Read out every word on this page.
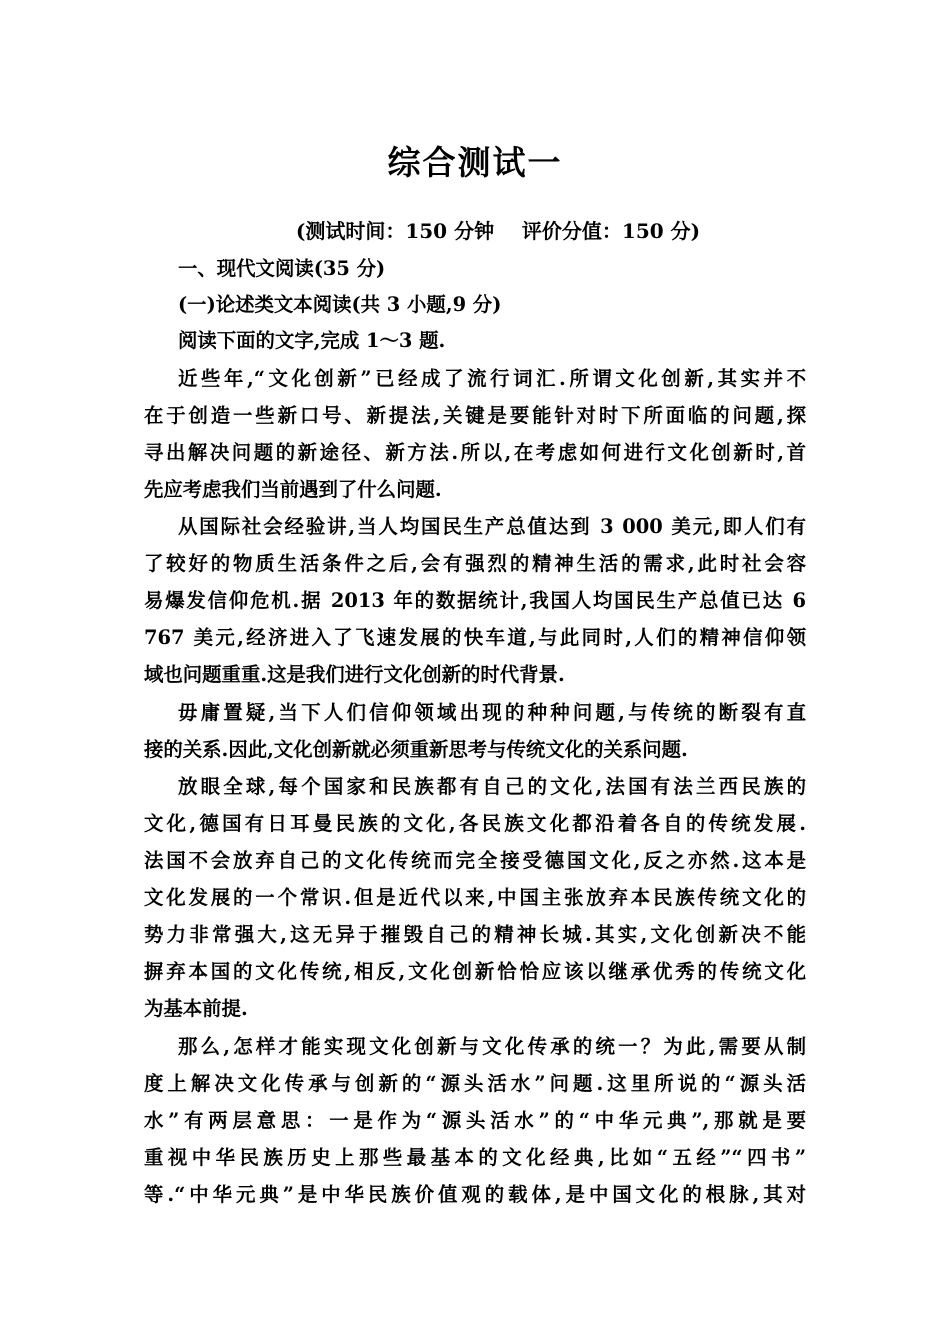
综合测试一
(测试时间：150 分钟    评价分值：150 分)
一、现代文阅读(35 分)
(一)论述类文本阅读(共 3 小题,9 分)
阅读下面的文字,完成 1～3 题.
近些年,“文化创新”已经成了流行词汇.所谓文化创新,其实并不
在于创造一些新口号、新提法,关键是要能针对时下所面临的问题,探
寻出解决问题的新途径、新方法.所以,在考虑如何进行文化创新时,首
先应考虑我们当前遇到了什么问题.
从国际社会经验讲,当人均国民生产总值达到 3 000 美元,即人们有
了较好的物质生活条件之后,会有强烈的精神生活的需求,此时社会容
易爆发信仰危机.据 2013 年的数据统计,我国人均国民生产总值已达 6
767 美元,经济进入了飞速发展的快车道,与此同时,人们的精神信仰领
域也问题重重.这是我们进行文化创新的时代背景.
毋庸置疑,当下人们信仰领域出现的种种问题,与传统的断裂有直
接的关系.因此,文化创新就必须重新思考与传统文化的关系问题.
放眼全球,每个国家和民族都有自己的文化,法国有法兰西民族的
文化,德国有日耳曼民族的文化,各民族文化都沿着各自的传统发展.
法国不会放弃自己的文化传统而完全接受德国文化,反之亦然.这本是
文化发展的一个常识.但是近代以来,中国主张放弃本民族传统文化的
势力非常强大,这无异于摧毁自己的精神长城.其实,文化创新决不能
摒弃本国的文化传统,相反,文化创新恰恰应该以继承优秀的传统文化
为基本前提.
那么,怎样才能实现文化创新与文化传承的统一？为此,需要从制
度上解决文化传承与创新的“源头活水”问题.这里所说的“源头活
水”有两层意思：一是作为“源头活水”的“中华元典”,那就是要
重视中华民族历史上那些最基本的文化经典,比如“五经”“四书”
等.“中华元典”是中华民族价值观的载体,是中国文化的根脉,其对
